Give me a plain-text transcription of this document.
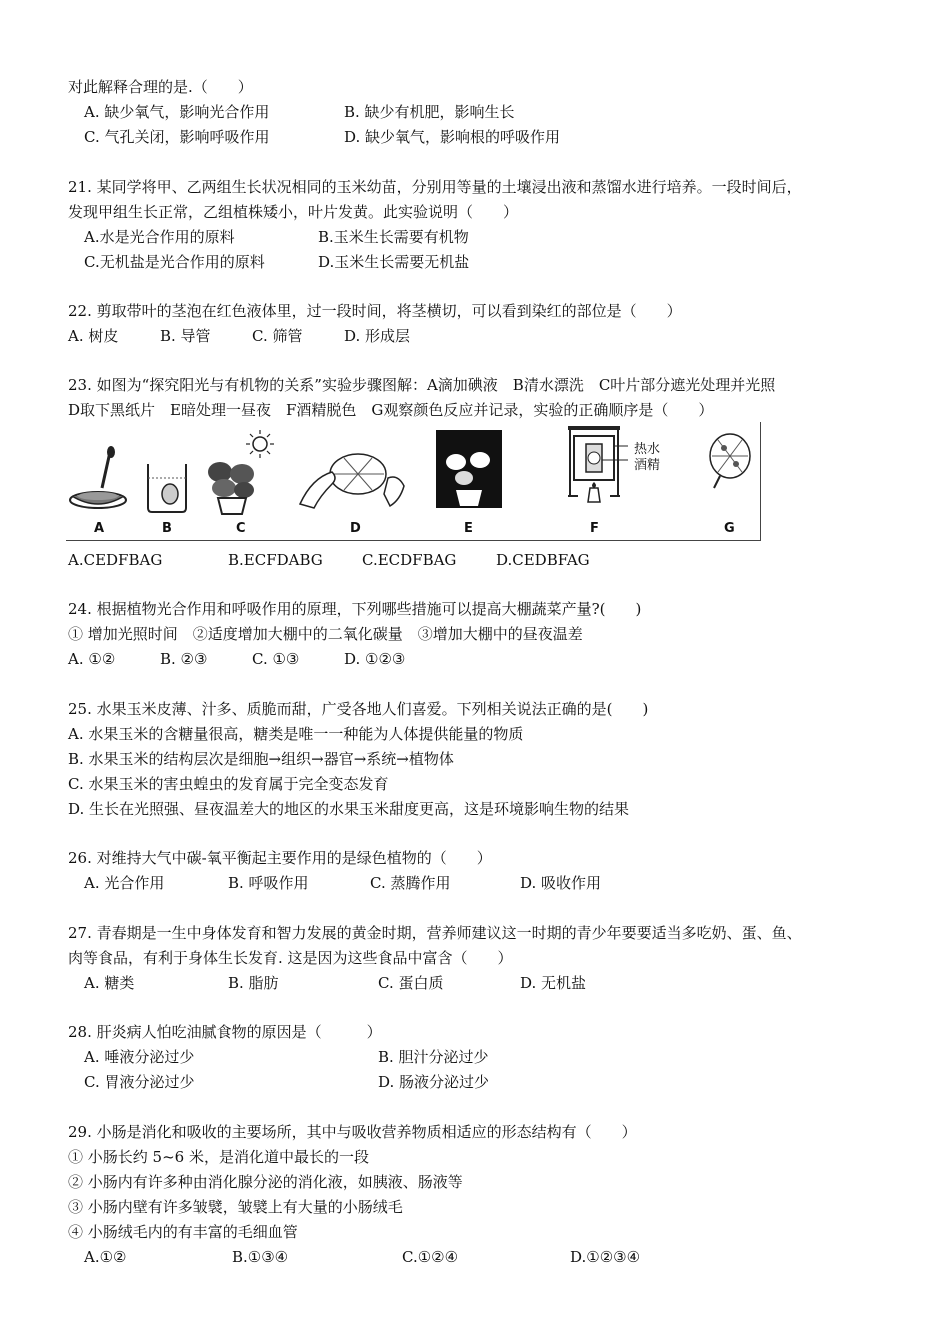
对此解释合理的是.（　　）
A. 缺少氧气，影响光合作用	B. 缺少有机肥，影响生长
C. 气孔关闭，影响呼吸作用	D. 缺少氧气，影响根的呼吸作用
21. 某同学将甲、乙两组生长状况相同的玉米幼苗，分别用等量的土壤浸出液和蒸馏水进行培养。一段时间后，
发现甲组生长正常，乙组植株矮小，叶片发黄。此实验说明（　　）
A.水是光合作用的原料	B.玉米生长需要有机物
C.无机盐是光合作用的原料	D.玉米生长需要无机盐
22. 剪取带叶的茎泡在红色液体里，过一段时间，将茎横切，可以看到染红的部位是（　　）
A. 树皮	B. 导管	C. 筛管	D. 形成层
23. 如图为“探究阳光与有机物的关系”实验步骤图解：A滴加碘液　B清水漂洗　C叶片部分遮光处理并光照
D取下黑纸片　E暗处理一昼夜　F酒精脱色　G观察颜色反应并记录，实验的正确顺序是（　　）
A	B	C	D	E
热水
酒精
F	G
A.CEDFBAG	B.ECFDABG	C.ECDFBAG	D.CEDBFAG
24. 根据植物光合作用和呼吸作用的原理，下列哪些措施可以提高大棚蔬菜产量?(　　)
① 增加光照时间　②适度增加大棚中的二氧化碳量　③增加大棚中的昼夜温差
A. ①②	B. ②③	C. ①③	D. ①②③
25. 水果玉米皮薄、汁多、质脆而甜，广受各地人们喜爱。下列相关说法正确的是(　　)
A. 水果玉米的含糖量很高，糖类是唯一一种能为人体提供能量的物质
B. 水果玉米的结构层次是细胞→组织→器官→系统→植物体
C. 水果玉米的害虫蝗虫的发育属于完全变态发育
D. 生长在光照强、昼夜温差大的地区的水果玉米甜度更高，这是环境影响生物的结果
26. 对维持大气中碳-氧平衡起主要作用的是绿色植物的（　　）
A. 光合作用	B. 呼吸作用	C. 蒸腾作用	D. 吸收作用
27. 青春期是一生中身体发育和智力发展的黄金时期，营养师建议这一时期的青少年要要适当多吃奶、蛋、鱼、
肉等食品，有利于身体生长发育. 这是因为这些食品中富含（　　）
A. 糖类	B. 脂肪	C. 蛋白质	D. 无机盐
28. 肝炎病人怕吃油腻食物的原因是（　　　）
A. 唾液分泌过少	B. 胆汁分泌过少
C. 胃液分泌过少	D. 肠液分泌过少
29. 小肠是消化和吸收的主要场所，其中与吸收营养物质相适应的形态结构有（　　）
① 小肠长约 5~6 米，是消化道中最长的一段
② 小肠内有许多种由消化腺分泌的消化液，如胰液、肠液等
③ 小肠内壁有许多皱襞，皱襞上有大量的小肠绒毛
④ 小肠绒毛内的有丰富的毛细血管
A.①②	B.①③④	C.①②④	D.①②③④
